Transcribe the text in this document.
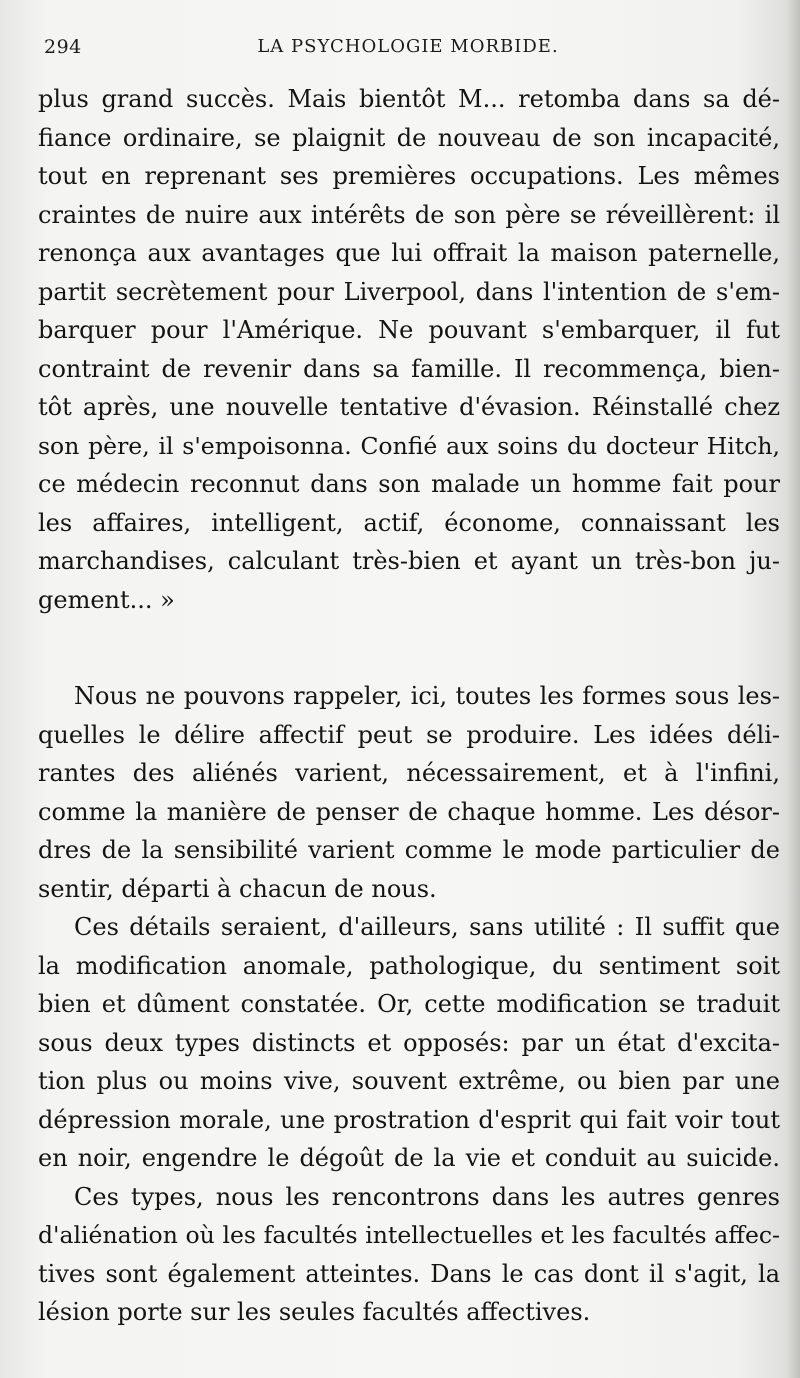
294	LA PSYCHOLOGIE MORBIDE.
plus grand succès. Mais bientôt M... retomba dans sa dé-
fiance ordinaire, se plaignit de nouveau de son incapacité,
tout en reprenant ses premières occupations. Les mêmes
craintes de nuire aux intérêts de son père se réveillèrent: il
renonça aux avantages que lui offrait la maison paternelle,
partit secrètement pour Liverpool, dans l'intention de s'em-
barquer pour l'Amérique. Ne pouvant s'embarquer, il fut
contraint de revenir dans sa famille. Il recommença, bien-
tôt après, une nouvelle tentative d'évasion. Réinstallé chez
son père, il s'empoisonna. Confié aux soins du docteur Hitch,
ce médecin reconnut dans son malade un homme fait pour
les affaires, intelligent, actif, économe, connaissant les
marchandises, calculant très-bien et ayant un très-bon ju-
gement... »
Nous ne pouvons rappeler, ici, toutes les formes sous les-
quelles le délire affectif peut se produire. Les idées déli-
rantes des aliénés varient, nécessairement, et à l'infini,
comme la manière de penser de chaque homme. Les désor-
dres de la sensibilité varient comme le mode particulier de
sentir, départi à chacun de nous.
Ces détails seraient, d'ailleurs, sans utilité : Il suffit que
la modification anomale, pathologique, du sentiment soit
bien et dûment constatée. Or, cette modification se traduit
sous deux types distincts et opposés: par un état d'excita-
tion plus ou moins vive, souvent extrême, ou bien par une
dépression morale, une prostration d'esprit qui fait voir tout
en noir, engendre le dégoût de la vie et conduit au suicide.
Ces types, nous les rencontrons dans les autres genres
d'aliénation où les facultés intellectuelles et les facultés affec-
tives sont également atteintes. Dans le cas dont il s'agit, la
lésion porte sur les seules facultés affectives.
